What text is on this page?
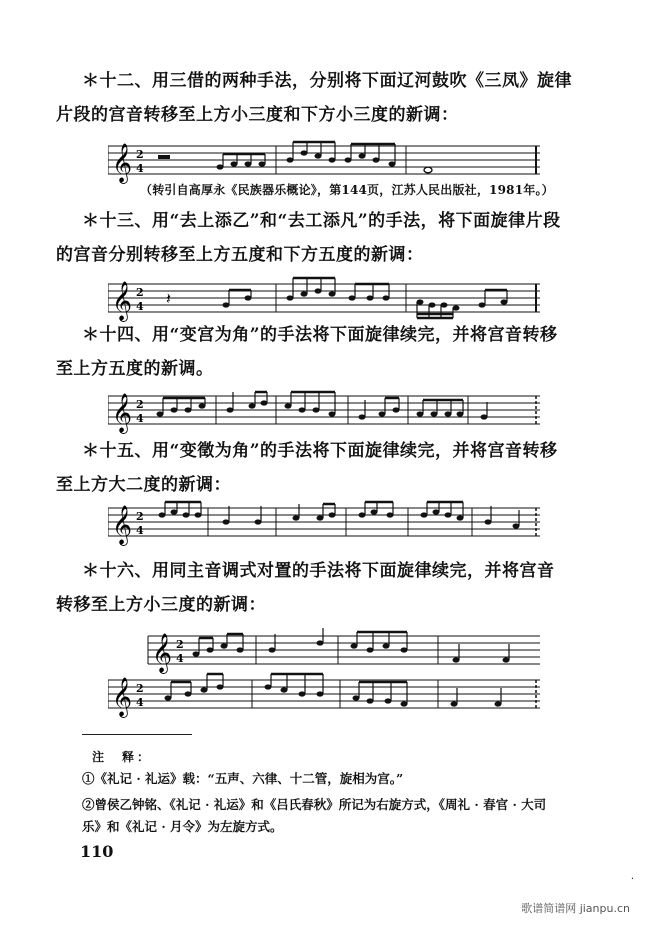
＊十二、用三借的两种手法，分别将下面辽河鼓吹《三凤》旋律
片段的宫音转移至上方小三度和下方小三度的新调：
𝄞 2
4
（转引自高厚永《民族器乐概论》，第144页，江苏人民出版社，1981年。）
＊十三、用“去上添乙”和“去工添凡”的手法，将下面旋律片段
的宫音分别转移至上方五度和下方五度的新调：
𝄞 2
4 𝄽
＊十四、用“变宫为角”的手法将下面旋律续完，并将宫音转移
至上方五度的新调。
𝄞 2
4
＊十五、用“变徵为角”的手法将下面旋律续完，并将宫音转移
至上方大二度的新调：
𝄞 2
4
＊十六、用同主音调式对置的手法将下面旋律续完，并将宫音
转移至上方小三度的新调：
𝄞 2
4
𝄞 2
4
注　释：
①《礼记 · 礼运》载：“五声、六律、十二管，旋相为宫。”
②曾侯乙钟铭、《礼记 · 礼运》和《吕氏春秋》所记为右旋方式，《周礼 · 春官 · 大司
乐》和《礼记 · 月令》为左旋方式。
110
·
歌谱简谱网 jianpu.cn
